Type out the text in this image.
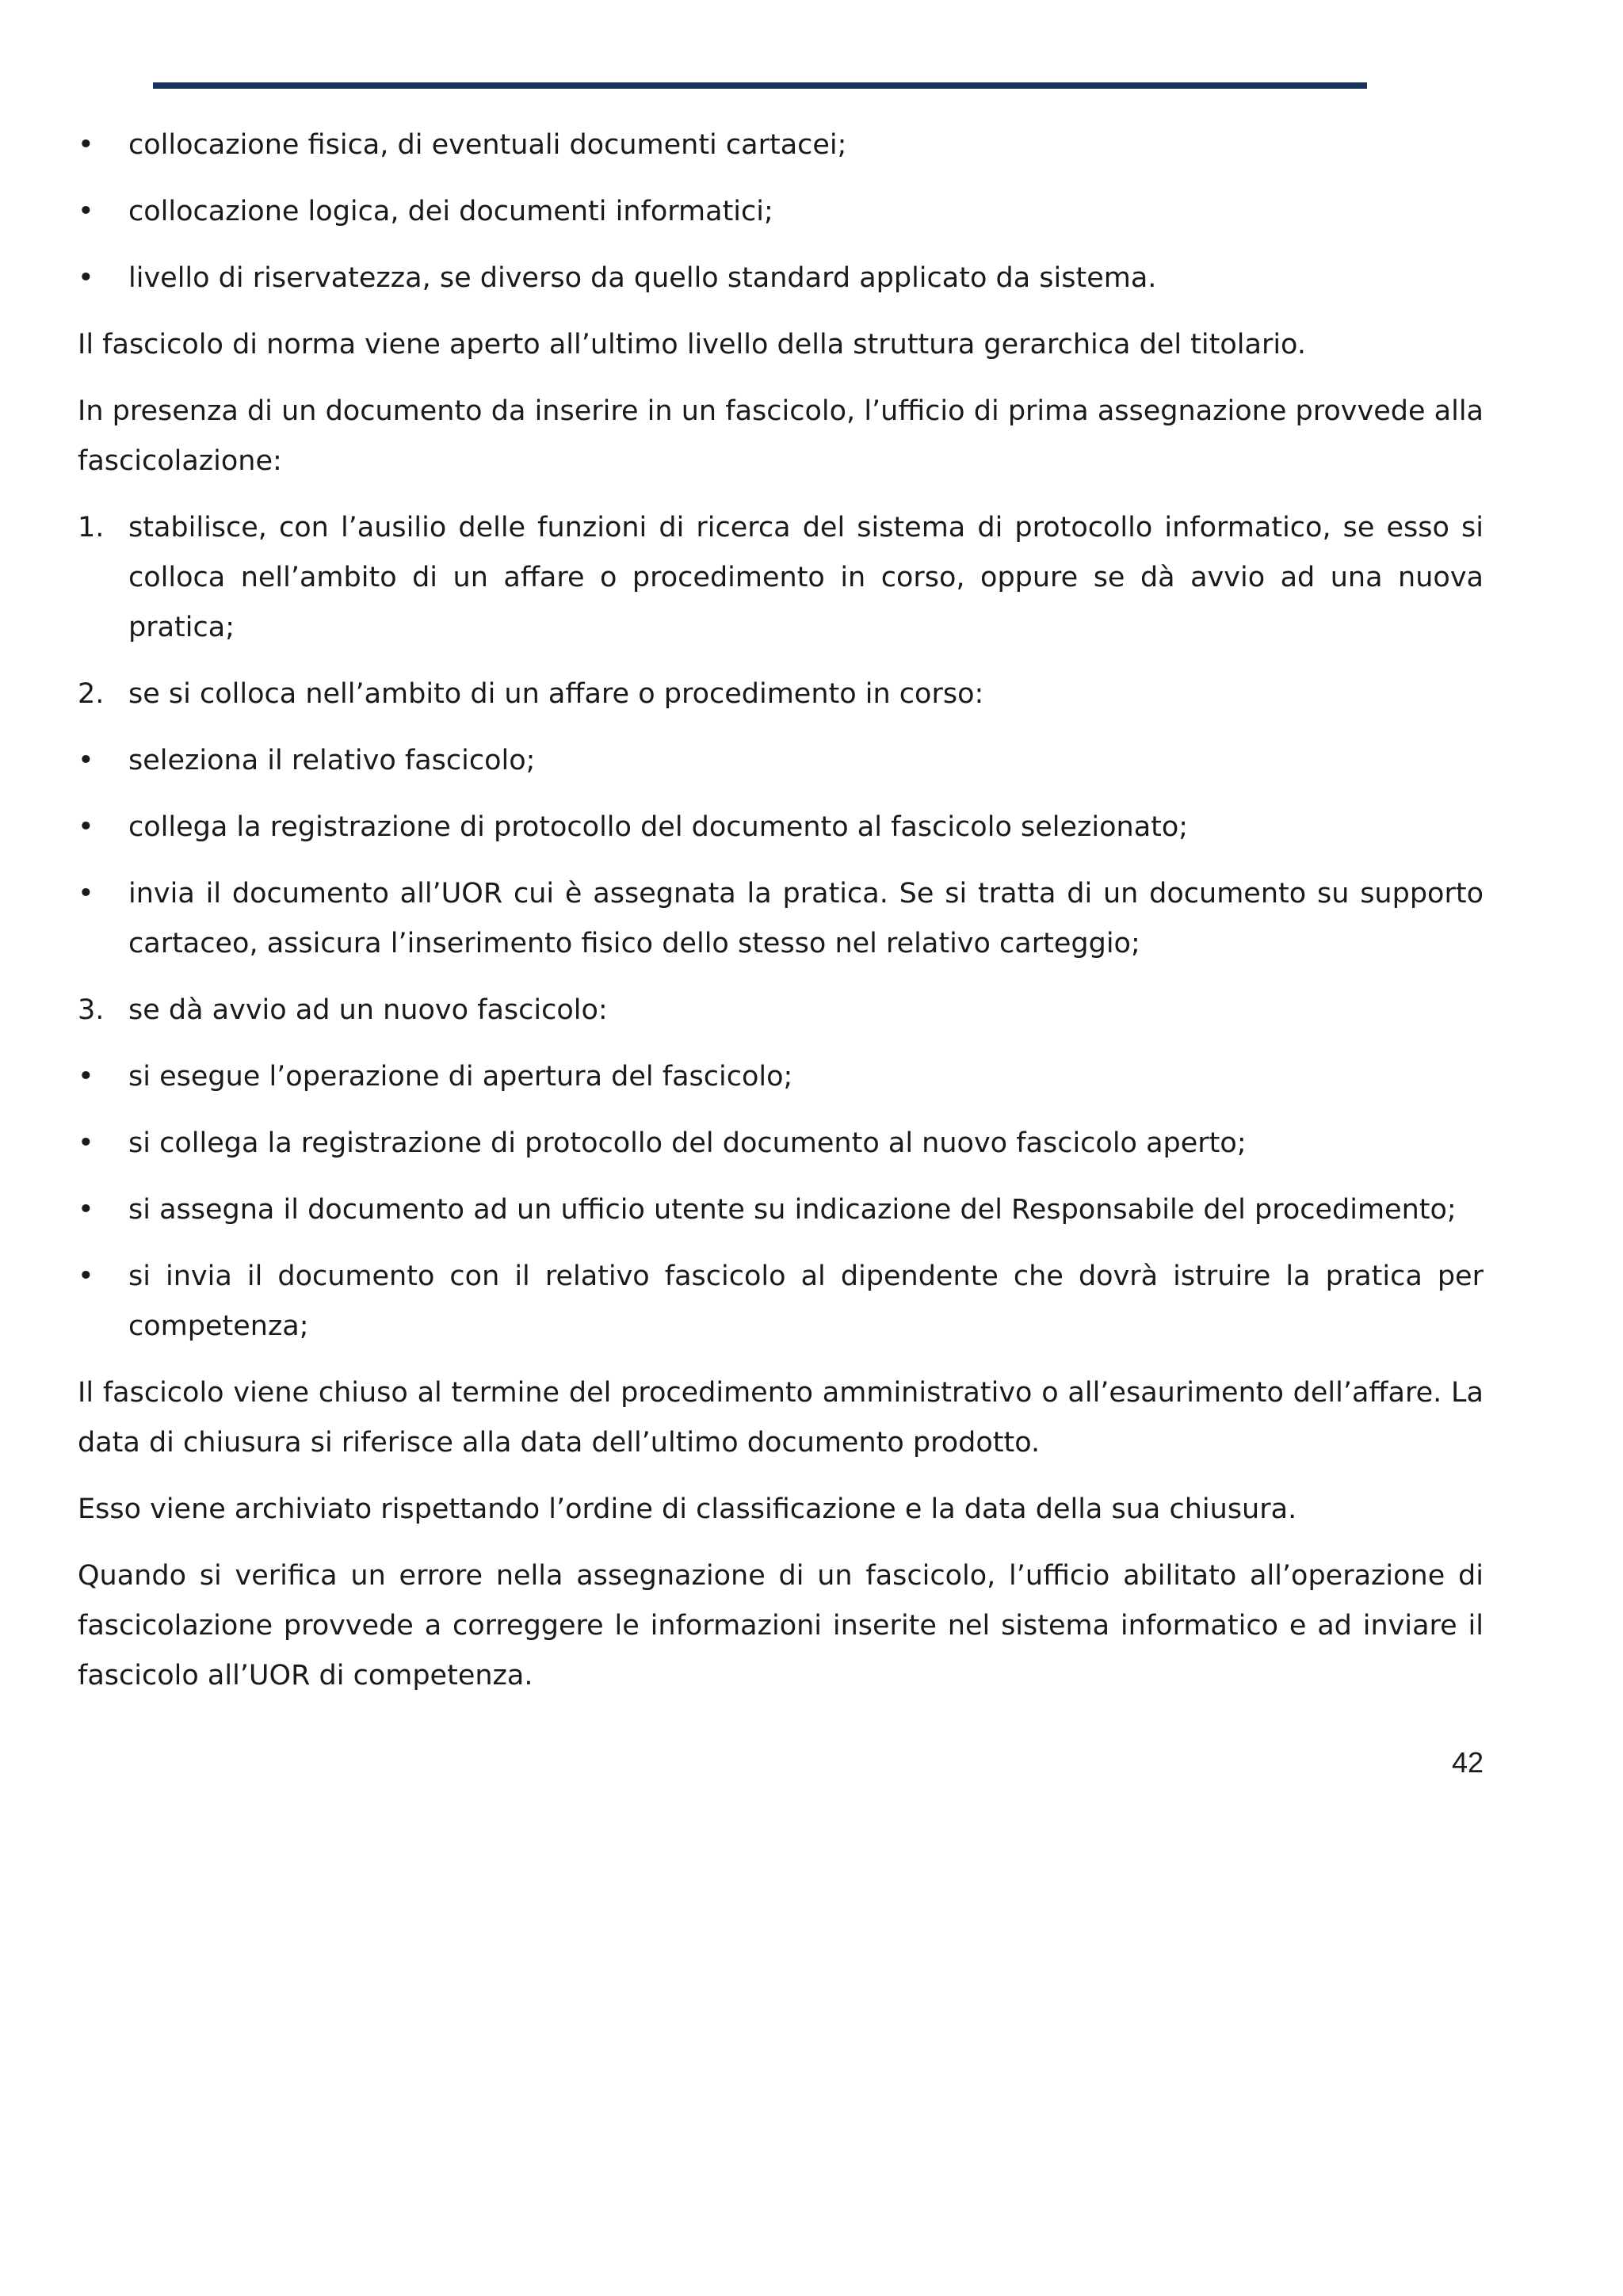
•	collocazione fisica, di eventuali documenti cartacei;
•	collocazione logica, dei documenti informatici;
•	livello di riservatezza, se diverso da quello standard applicato da sistema.

Il fascicolo di norma viene aperto all’ultimo livello della struttura gerarchica del titolario.

In presenza di un documento da inserire in un fascicolo, l’ufficio di prima assegnazione provvede alla fascicolazione:

1. stabilisce, con l’ausilio delle funzioni di ricerca del sistema di protocollo informatico, se esso si colloca nell’ambito di un affare o procedimento in corso, oppure se dà avvio ad una nuova pratica;
2. se si colloca nell’ambito di un affare o procedimento in corso:
•	seleziona il relativo fascicolo;
•	collega la registrazione di protocollo del documento al fascicolo selezionato;
•	invia il documento all’UOR cui è assegnata la pratica. Se si tratta di un documento su supporto cartaceo, assicura l’inserimento fisico dello stesso nel relativo carteggio;
3. se dà avvio ad un nuovo fascicolo:
•	si esegue l’operazione di apertura del fascicolo;
•	si collega la registrazione di protocollo del documento al nuovo fascicolo aperto;
•	si assegna il documento ad un ufficio utente su indicazione del Responsabile del procedimento;
•	si invia il documento con il relativo fascicolo al dipendente che dovrà istruire la pratica per competenza;

Il fascicolo viene chiuso al termine del procedimento amministrativo o all’esaurimento dell’affare. La data di chiusura si riferisce alla data dell’ultimo documento prodotto.

Esso viene archiviato rispettando l’ordine di classificazione e la data della sua chiusura.

Quando si verifica un errore nella assegnazione di un fascicolo, l’ufficio abilitato all’operazione di fascicolazione provvede a correggere le informazioni inserite nel sistema informatico e ad inviare il fascicolo all’UOR di competenza.

42
